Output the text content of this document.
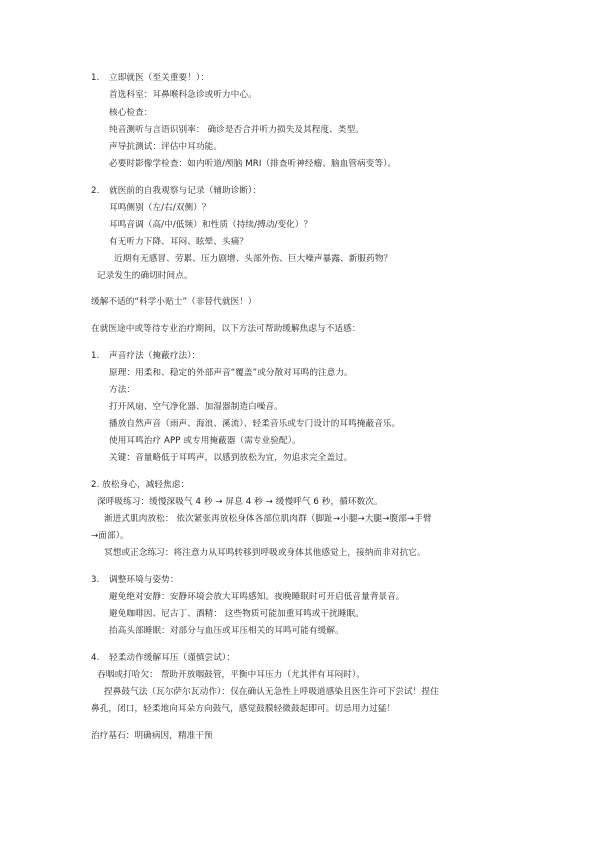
1. 立即就医（至关重要！）：
首选科室：耳鼻喉科急诊或听力中心。
核心检查：
纯音测听与言语识别率： 确诊是否合并听力损失及其程度、类型。
声导抗测试：评估中耳功能。
必要时影像学检查：如内听道/颅脑 MRI（排查听神经瘤、脑血管病变等）。
2. 就医前的自我观察与记录（辅助诊断）：
耳鸣侧别（左/右/双侧）？
耳鸣音调（高/中/低频）和性质（持续/搏动/变化）？
有无听力下降、耳闷、眩晕、头痛？
近期有无感冒、劳累、压力剧增、头部外伤、巨大噪声暴露、新服药物？
记录发生的确切时间点。
缓解不适的“科学小贴士”（非替代就医！）
在就医途中或等待专业治疗期间，以下方法可帮助缓解焦虑与不适感：
1. 声音疗法（掩蔽疗法）：
原理：用柔和、稳定的外部声音“覆盖”或分散对耳鸣的注意力。
方法：
打开风扇、空气净化器、加湿器制造白噪音。
播放自然声音（雨声、海浪、溪流）、轻柔音乐或专门设计的耳鸣掩蔽音乐。
使用耳鸣治疗 APP 或专用掩蔽器（需专业验配）。
关键：音量略低于耳鸣声，以感到放松为宜，勿追求完全盖过。
2. 放松身心，减轻焦虑：
深呼吸练习：缓慢深吸气 4 秒 → 屏息 4 秒 → 缓慢呼气 6 秒，循环数次。
渐进式肌肉放松： 依次紧张再放松身体各部位肌肉群（脚趾→小腿→大腿→腹部→手臂
→面部）。
冥想或正念练习：将注意力从耳鸣转移到呼吸或身体其他感觉上，接纳而非对抗它。
3. 调整环境与姿势：
避免绝对安静：安静环境会放大耳鸣感知。夜晚睡眠时可开启低音量背景音。
避免咖啡因、尼古丁、酒精： 这些物质可能加重耳鸣或干扰睡眠。
抬高头部睡眠：对部分与血压或耳压相关的耳鸣可能有缓解。
4. 轻柔动作缓解耳压（谨慎尝试）：
吞咽或打哈欠： 帮助开放咽鼓管，平衡中耳压力（尤其伴有耳闷时）。
捏鼻鼓气法（瓦尔萨尔瓦动作）：仅在确认无急性上呼吸道感染且医生许可下尝试！捏住
鼻孔，闭口，轻柔地向耳朵方向鼓气，感觉鼓膜轻微鼓起即可。切忌用力过猛！
治疗基石：明确病因，精准干预
